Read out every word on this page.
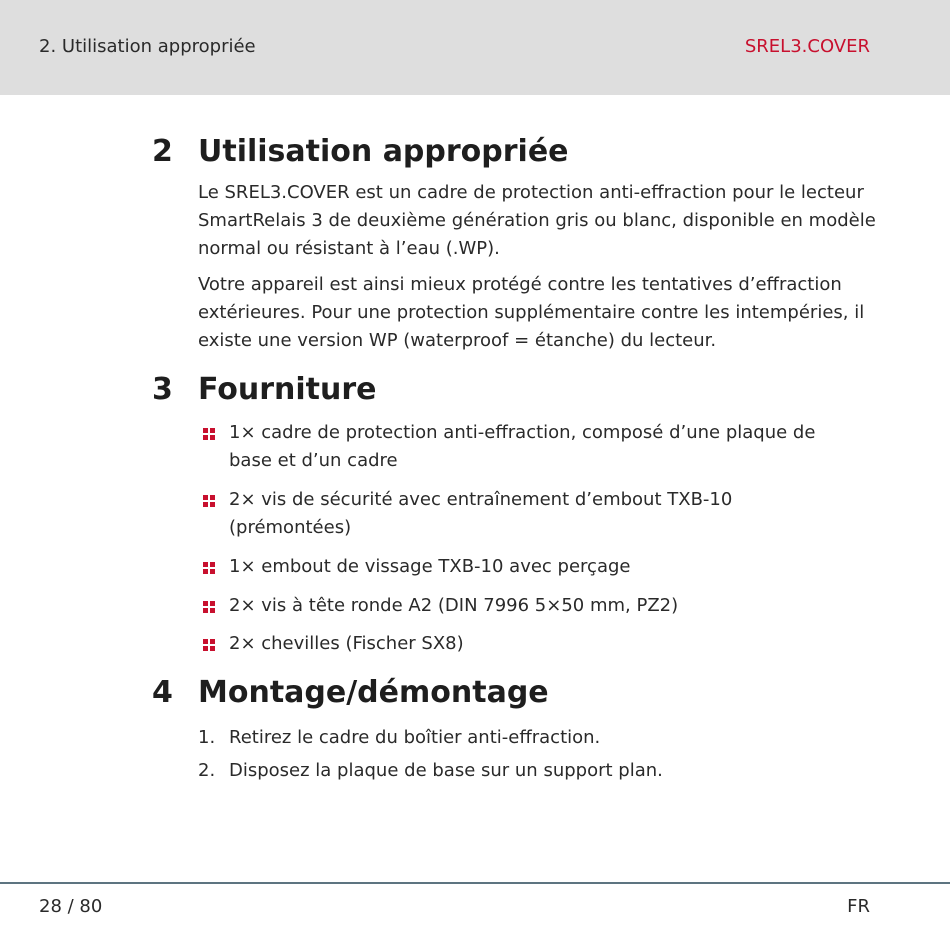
2. Utilisation appropriée	SREL3.COVER
2 Utilisation appropriée

Le SREL3.COVER est un cadre de protection anti-effraction pour le lecteur SmartRelais 3 de deuxième génération gris ou blanc, disponible en modèle normal ou résistant à l’eau (.WP).

Votre appareil est ainsi mieux protégé contre les tentatives d’effraction extérieures. Pour une protection supplémentaire contre les intempéries, il existe une version WP (waterproof = étanche) du lecteur.

3 Fourniture
1× cadre de protection anti-effraction, composé d’une plaque de base et d’un cadre
2× vis de sécurité avec entraînement d’embout TXB-10 (prémontées)
1× embout de vissage TXB-10 avec perçage
2× vis à tête ronde A2 (DIN 7996 5×50 mm, PZ2)
2× chevilles (Fischer SX8)
4 Montage/démontage
1. Retirez le cadre du boîtier anti-effraction.
2. Disposez la plaque de base sur un support plan.
28 / 80	FR
